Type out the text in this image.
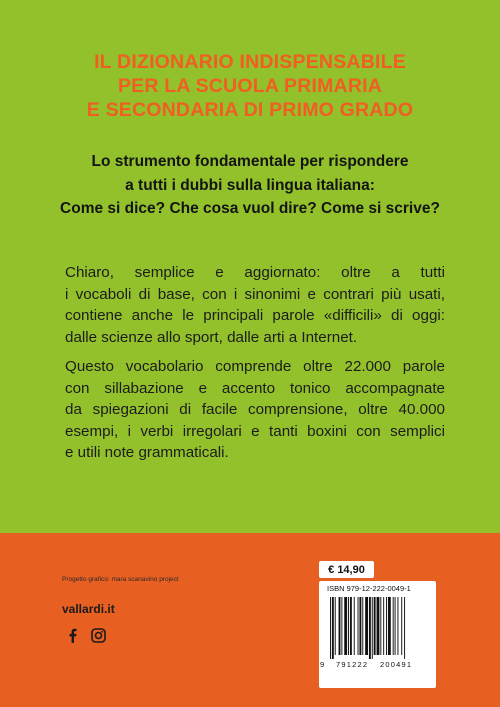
IL DIZIONARIO INDISPENSABILE
PER LA SCUOLA PRIMARIA
E SECONDARIA DI PRIMO GRADO
Lo strumento fondamentale per rispondere
a tutti i dubbi sulla lingua italiana:
Come si dice? Che cosa vuol dire? Come si scrive?
Chiaro, semplice e aggiornato: oltre a tutti
i vocaboli di base, con i sinonimi e contrari più usati,
contiene anche le principali parole «difficili» di oggi:
dalle scienze allo sport, dalle arti a Internet.
Questo vocabolario comprende oltre 22.000 parole
con sillabazione e accento tonico accompagnate
da spiegazioni di facile comprensione, oltre 40.000
esempi, i verbi irregolari e tanti boxini con semplici
e utili note grammaticali.
Progetto grafico: mara scanavino project
vallardi.it
€ 14,90
ISBN 979-12-222-0049-1
9 791222 200491
